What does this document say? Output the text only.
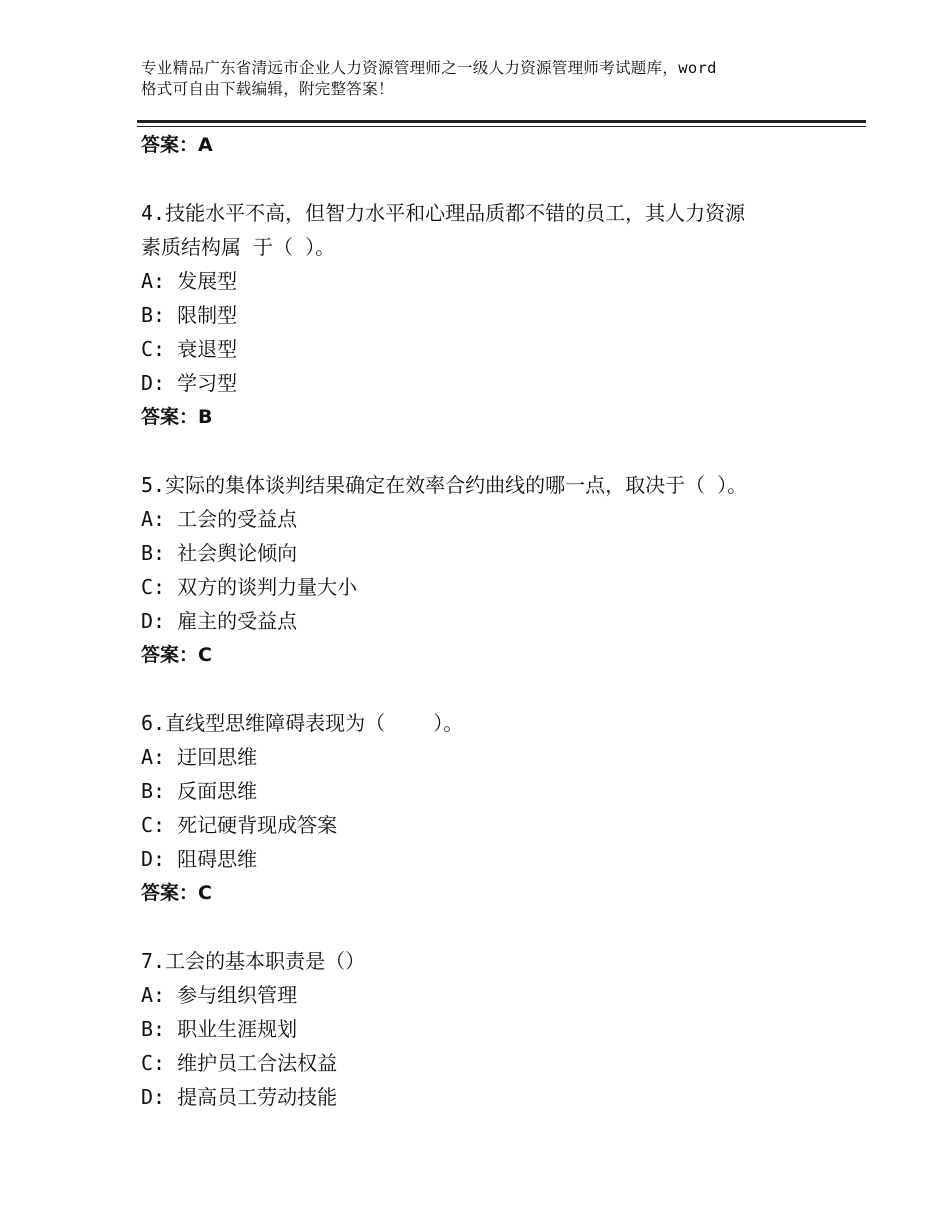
专业精品广东省清远市企业人力资源管理师之一级人力资源管理师考试题库，word
格式可自由下载编辑，附完整答案！
答案：A
4.技能水平不高，但智力水平和心理品质都不错的员工，其人力资源
素质结构属 于（ ）。
A: 发展型
B: 限制型
C: 衰退型
D: 学习型
答案：B
5.实际的集体谈判结果确定在效率合约曲线的哪一点，取决于（ ）。
A: 工会的受益点
B: 社会舆论倾向
C: 双方的谈判力量大小
D: 雇主的受益点
答案：C
6.直线型思维障碍表现为（    ）。
A: 迂回思维
B: 反面思维
C: 死记硬背现成答案
D: 阻碍思维
答案：C
7.工会的基本职责是（）
A: 参与组织管理
B: 职业生涯规划
C: 维护员工合法权益
D: 提高员工劳动技能
